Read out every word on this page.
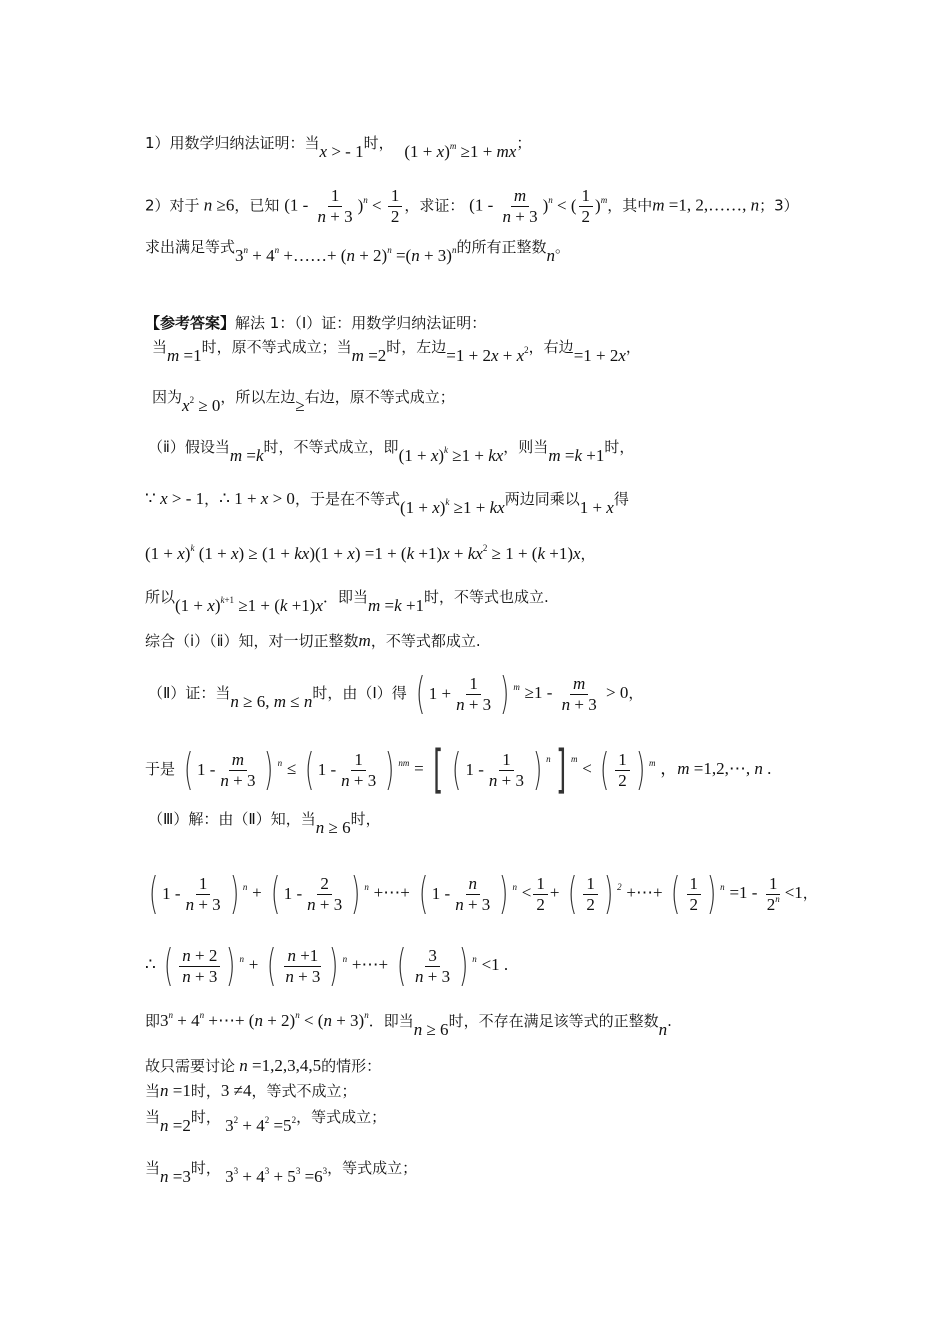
1）用数学归纳法证明：当x > - 1时， $(1 + x)^m \ge 1$ + mx；
2）对于 n ≥6，已知 $(1 - \frac{1}{n + 3} )^n < \frac{1}{2}$ ，求证： $(1 - \frac{m}{n + 3} )^n$ < ( $\frac{1}{2} )^m$，其中m =1, 2,……, n；3）
求出满足等式$3^n + 4^n$ +……+ $(n + 2)^n =(n + 3)^n$的所有正整数n。
【参考答案】解法 1：（Ⅰ）证：用数学归纳法证明：
当m =1时，原不等式成立；当m =2时，左边$=1 + 2x + x^2$，右边=1 + 2x，
因为$x^2 \ge 0$，所以左边≥右边，原不等式成立；
（ⅱ）假设当m =k时，不等式成立，即$(1 + x)^k \ge 1$ + kx，则当m =k +1时，
∵ x > - 1，∴ 1 + x > 0，于是在不等式$(1 + x)^k \ge 1$ + kx两边同乘以1 + x得
$(1 + x)^k$ $(1 + x) \ge (1 + kx)(1 + x) =1 + (k +1)x + kx^2 \ge 1 + (k +1)x$，
所以$(1 + x)^{k+1} \ge 1 + (k +1)x$．即当m =k +1时，不等式也成立.
综合（ⅰ）（ⅱ）知，对一切正整数m，不等式都成立.
（Ⅱ）证：当n ≥ 6, m ≤ n时，由（Ⅰ）得 ( $1 + \frac{1}{n + 3}$ ) $m \ge 1 - \frac{m}{n + 3} > 0$，
于是 ( $1 - \frac{m}{n + 3}$ ) n ≤ ( $1 - \frac{1}{n + 3}$ ) nm = [ ( $1 - \frac{1}{n + 3}$ ) n ] m < ( $\frac{1}{2}$ ) m ，m =1,2,⋯, n .
（Ⅲ）解：由（Ⅱ）知，当n ≥ 6时，
( $1 - \frac{1}{n + 3}$ ) n + ( $1 - \frac{2}{n + 3}$ ) n +⋯+ ( $1 - \frac{n}{n + 3}$ ) $n < \frac{1}{2}$ + ( $\frac{1}{2}$ ) 2 +⋯+ ( $\frac{1}{2}$ ) $n =1 - \frac{1}{2^n} <1$，
∴ ( $\frac{n + 2}{n + 3}$ ) n + ( $\frac{n +1}{n + 3}$ ) n +⋯+ ( $\frac{3}{n + 3}$ ) n <1 .
即$3^n + 4^n$ +⋯+ $(n + 2)^n < (n + 3)^n$．即当n ≥ 6时，不存在满足该等式的正整数n.
故只需要讨论 n =1,2,3,4,5的情形：
当n =1时，3 ≠4，等式不成立；
当n =2时， $3^2 + 4^2 =5^2$，等式成立；
当n =3时， $3^3 + 4^3 + 5^3 =6^3$，等式成立；
